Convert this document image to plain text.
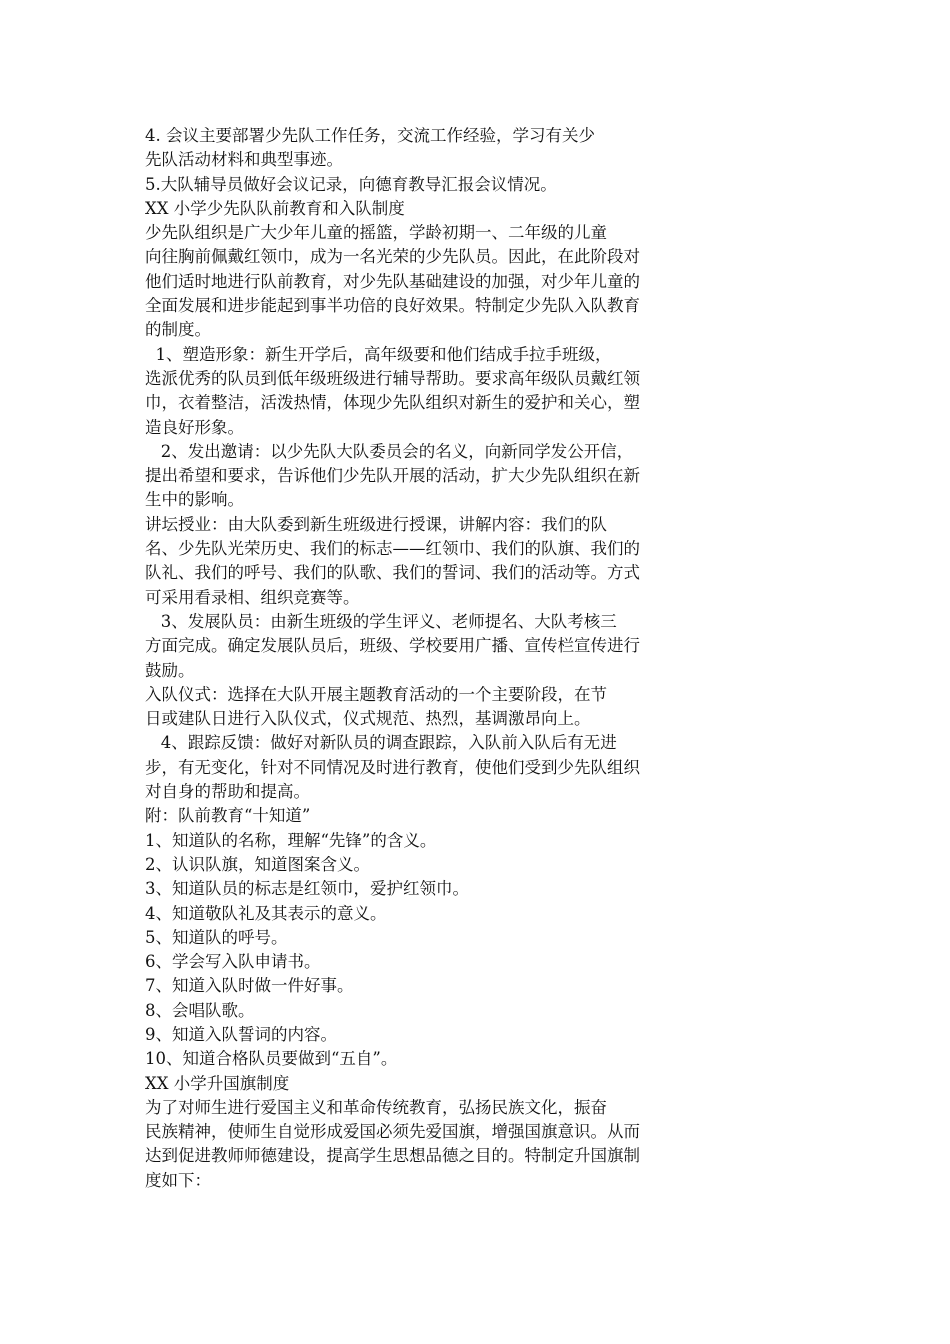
4. 会议主要部署少先队工作任务，交流工作经验，学习有关少
先队活动材料和典型事迹。
5.大队辅导员做好会议记录，向德育教导汇报会议情况。
XX 小学少先队队前教育和入队制度
少先队组织是广大少年儿童的摇篮，学龄初期一、二年级的儿童
向往胸前佩戴红领巾，成为一名光荣的少先队员。因此，在此阶段对
他们适时地进行队前教育，对少先队基础建设的加强，对少年儿童的
全面发展和进步能起到事半功倍的良好效果。特制定少先队入队教育
的制度。
1、塑造形象：新生开学后，高年级要和他们结成手拉手班级，
选派优秀的队员到低年级班级进行辅导帮助。要求高年级队员戴红领
巾，衣着整洁，活泼热情，体现少先队组织对新生的爱护和关心，塑
造良好形象。
2、发出邀请：以少先队大队委员会的名义，向新同学发公开信，
提出希望和要求，告诉他们少先队开展的活动，扩大少先队组织在新
生中的影响。
讲坛授业：由大队委到新生班级进行授课，讲解内容：我们的队
名、少先队光荣历史、我们的标志——红领巾、我们的队旗、我们的
队礼、我们的呼号、我们的队歌、我们的誓词、我们的活动等。方式
可采用看录相、组织竞赛等。
3、发展队员：由新生班级的学生评义、老师提名、大队考核三
方面完成。确定发展队员后，班级、学校要用广播、宣传栏宣传进行
鼓励。
入队仪式：选择在大队开展主题教育活动的一个主要阶段，在节
日或建队日进行入队仪式，仪式规范、热烈，基调激昂向上。
4、跟踪反馈：做好对新队员的调查跟踪，入队前入队后有无进
步，有无变化，针对不同情况及时进行教育，使他们受到少先队组织
对自身的帮助和提高。
附：队前教育“十知道”
1、知道队的名称，理解“先锋”的含义。
2、认识队旗，知道图案含义。
3、知道队员的标志是红领巾，爱护红领巾。
4、知道敬队礼及其表示的意义。
5、知道队的呼号。
6、学会写入队申请书。
7、知道入队时做一件好事。
8、会唱队歌。
9、知道入队誓词的内容。
10、知道合格队员要做到“五自”。
XX 小学升国旗制度
为了对师生进行爱国主义和革命传统教育，弘扬民族文化，振奋
民族精神，使师生自觉形成爱国必须先爱国旗，增强国旗意识。从而
达到促进教师师德建设，提高学生思想品德之目的。特制定升国旗制
度如下：
